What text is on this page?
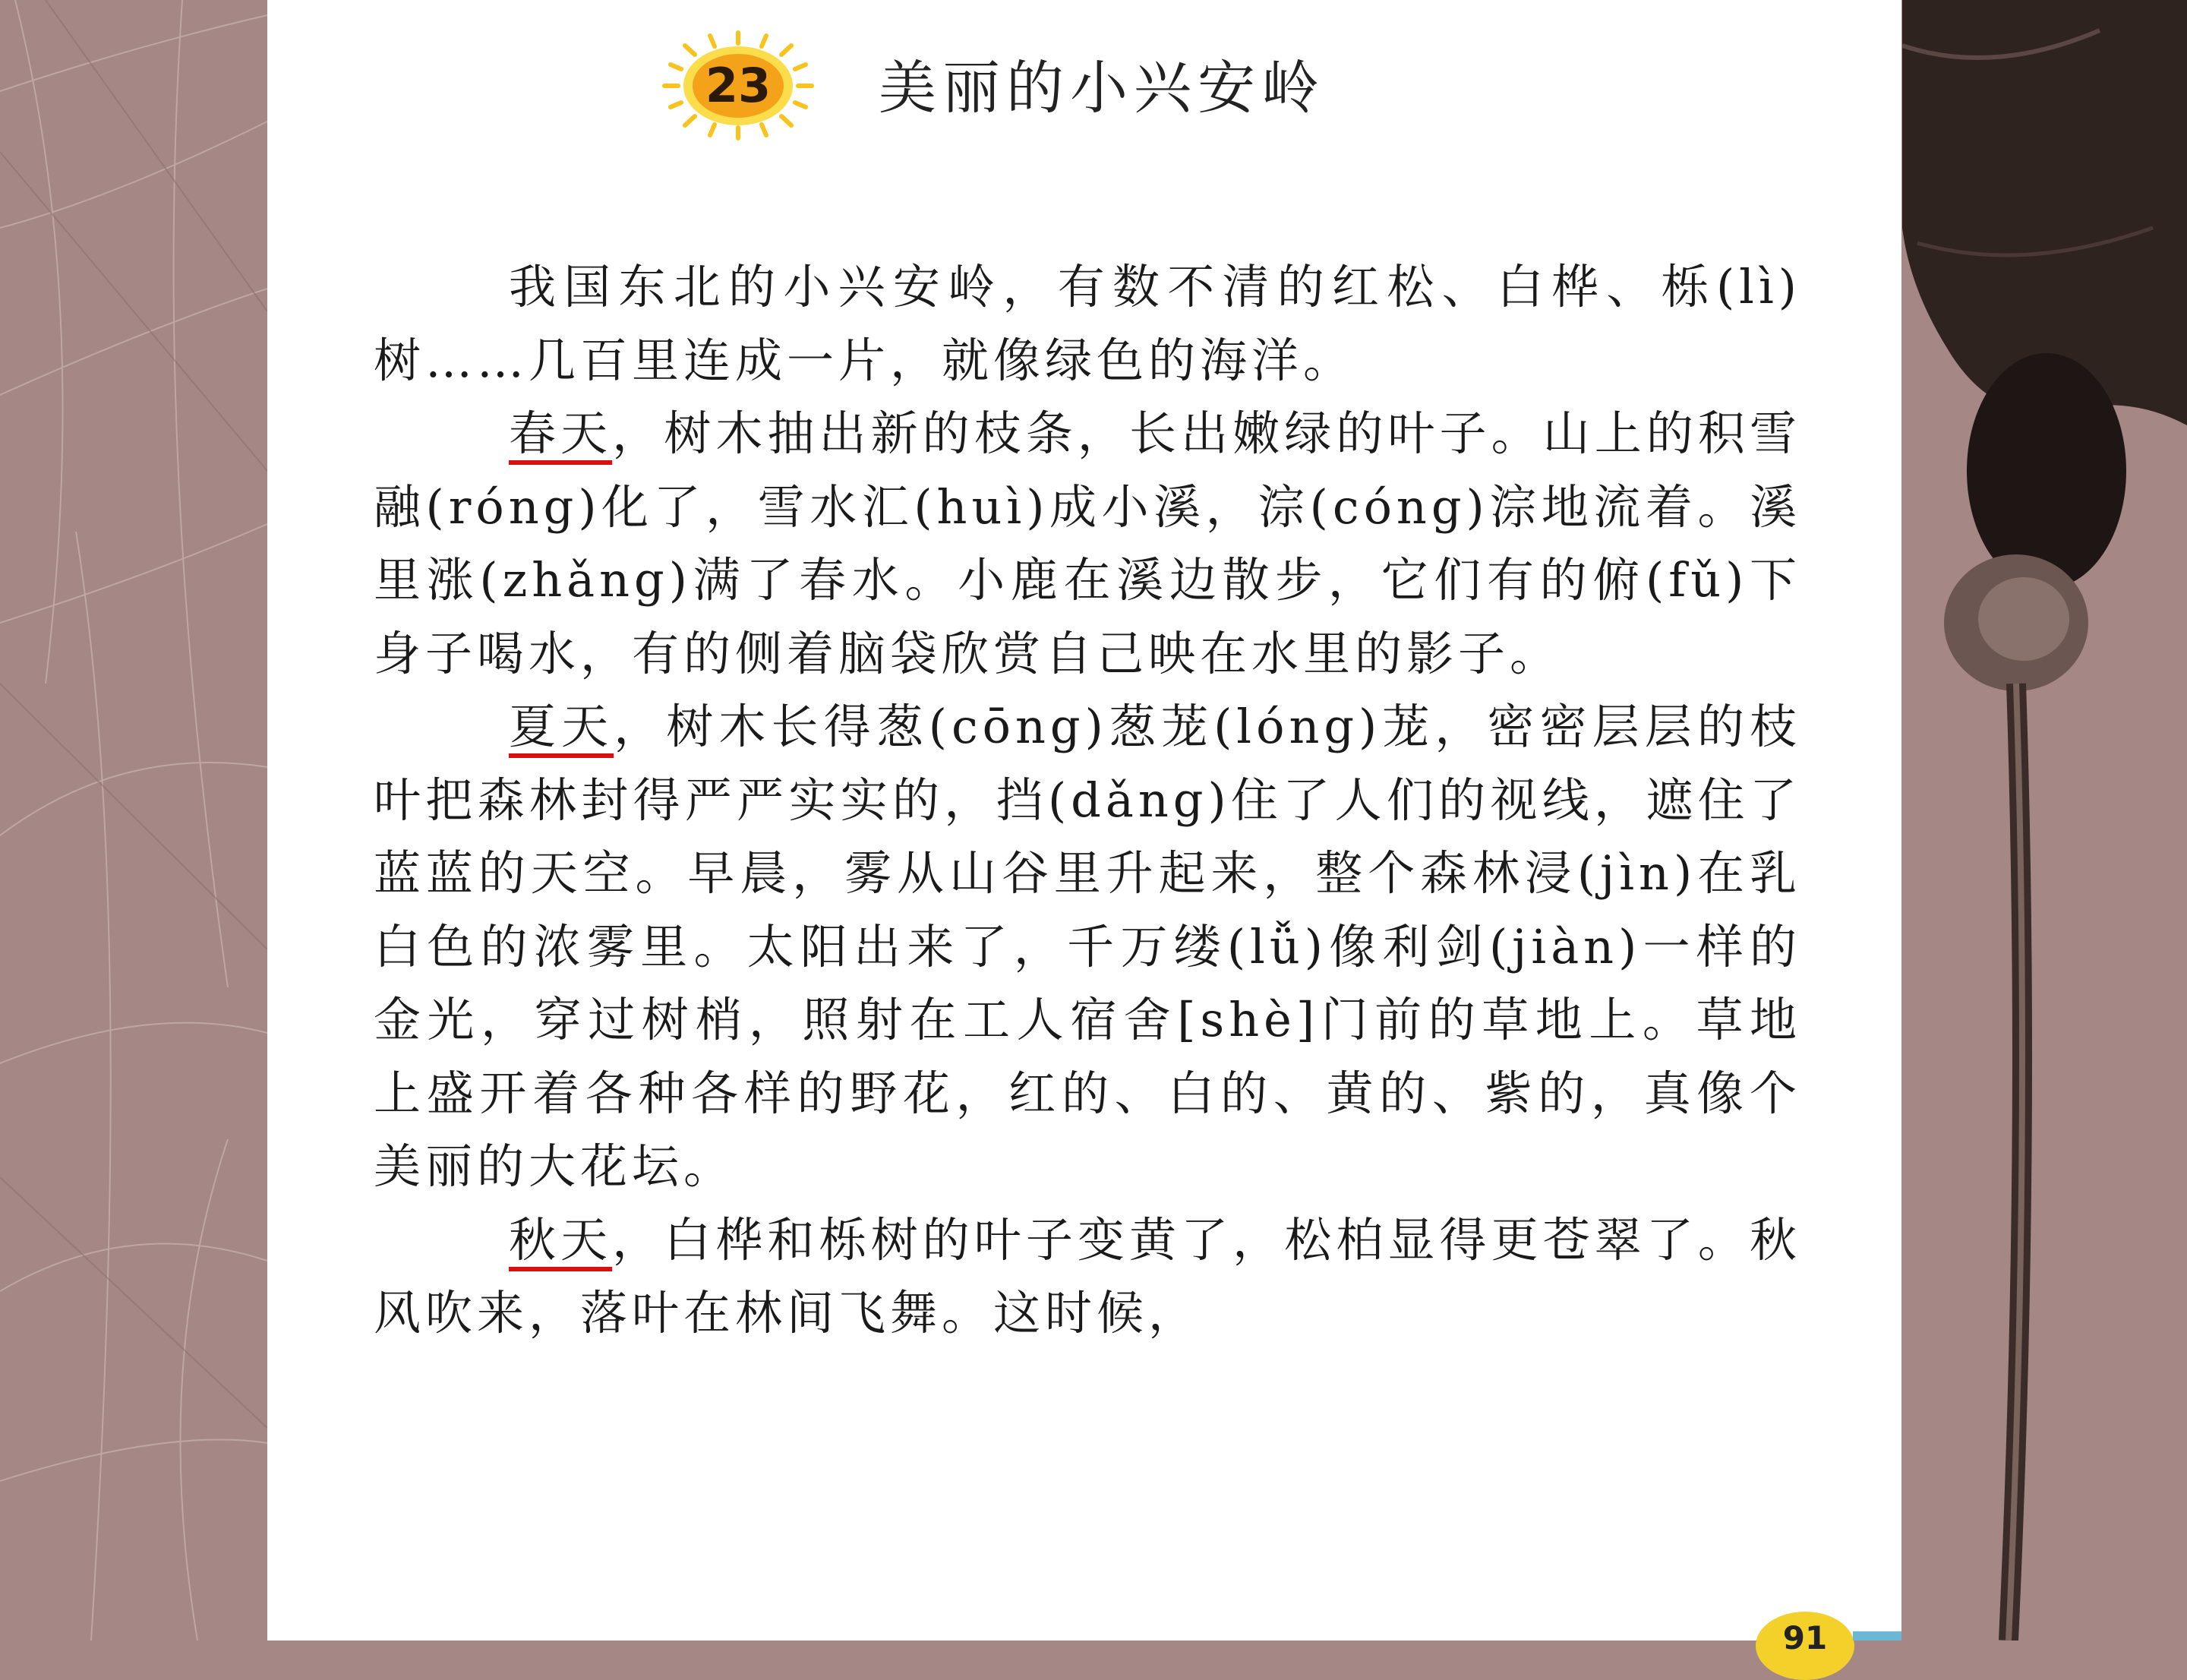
23	美丽的小兴安岭

我国东北的小兴安岭，有数不清的红松、白桦、栎(lì)树……几百里连成一片，就像绿色的海洋。

春天，树木抽出新的枝条，长出嫩绿的叶子。山上的积雪融(róng)化了，雪水汇(huì)成小溪，淙(cóng)淙地流着。溪里涨(zhǎng)满了春水。小鹿在溪边散步，它们有的俯(fǔ)下身子喝水，有的侧着脑袋欣赏自己映在水里的影子。

夏天，树木长得葱(cōng)葱茏(lóng)茏，密密层层的枝叶把森林封得严严实实的，挡(dǎng)住了人们的视线，遮住了蓝蓝的天空。早晨，雾从山谷里升起来，整个森林浸(jìn)在乳白色的浓雾里。太阳出来了，千万缕(lǚ)像利剑(jiàn)一样的金光，穿过树梢，照射在工人宿舍[shè]门前的草地上。草地上盛开着各种各样的野花，红的、白的、黄的、紫的，真像个美丽的大花坛。

秋天，白桦和栎树的叶子变黄了，松柏显得更苍翠了。秋风吹来，落叶在林间飞舞。这时候，

91
